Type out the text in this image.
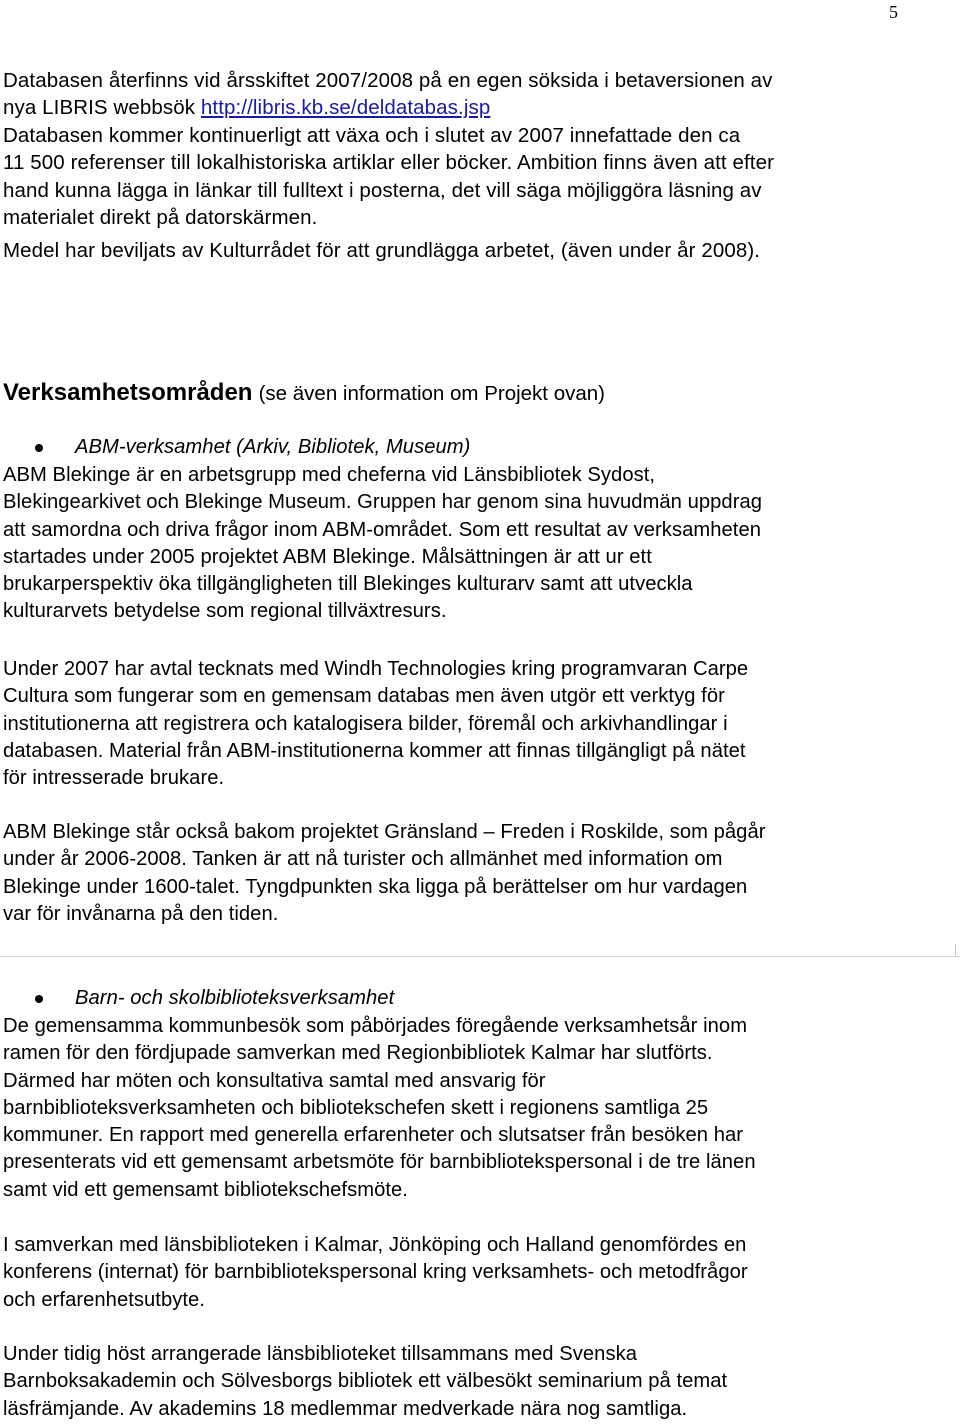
5

Databasen återfinns vid årsskiftet 2007/2008 på en egen söksida i betaversionen av
nya LIBRIS webbsök http://libris.kb.se/deldatabas.jsp
Databasen kommer kontinuerligt att växa och i slutet av 2007 innefattade den ca
11 500 referenser till lokalhistoriska artiklar eller böcker. Ambition finns även att efter
hand kunna lägga in länkar till fulltext i posterna, det vill säga möjliggöra läsning av
materialet direkt på datorskärmen.

Medel har beviljats av Kulturrådet för att grundlägga arbetet, (även under år 2008).

Verksamhetsområden (se även information om Projekt ovan)
ABM-verksamhet (Arkiv, Bibliotek, Museum)
ABM Blekinge är en arbetsgrupp med cheferna vid Länsbibliotek Sydost,
Blekingearkivet och Blekinge Museum. Gruppen har genom sina huvudmän uppdrag
att samordna och driva frågor inom ABM-området. Som ett resultat av verksamheten
startades under 2005 projektet ABM Blekinge. Målsättningen är att ur ett
brukarperspektiv öka tillgängligheten till Blekinges kulturarv samt att utveckla
kulturarvets betydelse som regional tillväxtresurs.
Under 2007 har avtal tecknats med Windh Technologies kring programvaran Carpe
Cultura som fungerar som en gemensam databas men även utgör ett verktyg för
institutionerna att registrera och katalogisera bilder, föremål och arkivhandlingar i
databasen. Material från ABM-institutionerna kommer att finnas tillgängligt på nätet
för intresserade brukare.
ABM Blekinge står också bakom projektet Gränsland – Freden i Roskilde, som pågår
under år 2006-2008. Tanken är att nå turister och allmänhet med information om
Blekinge under 1600-talet. Tyngdpunkten ska ligga på berättelser om hur vardagen
var för invånarna på den tiden.
Barn- och skolbiblioteksverksamhet
De gemensamma kommunbesök som påbörjades föregående verksamhetsår inom
ramen för den fördjupade samverkan med Regionbibliotek Kalmar har slutförts.
Därmed har möten och konsultativa samtal med ansvarig för
barnbiblioteksverksamheten och bibliotekschefen skett i regionens samtliga 25
kommuner. En rapport med generella erfarenheter och slutsatser från besöken har
presenterats vid ett gemensamt arbetsmöte för barnbibliotekspersonal i de tre länen
samt vid ett gemensamt bibliotekschefsmöte.
I samverkan med länsbiblioteken i Kalmar, Jönköping och Halland genomfördes en
konferens (internat) för barnbibliotekspersonal kring verksamhets- och metodfrågor
och erfarenhetsutbyte.
Under tidig höst arrangerade länsbiblioteket tillsammans med Svenska
Barnboksakademin och Sölvesborgs bibliotek ett välbesökt seminarium på temat
läsfrämjande. Av akademins 18 medlemmar medverkade nära nog samtliga.
